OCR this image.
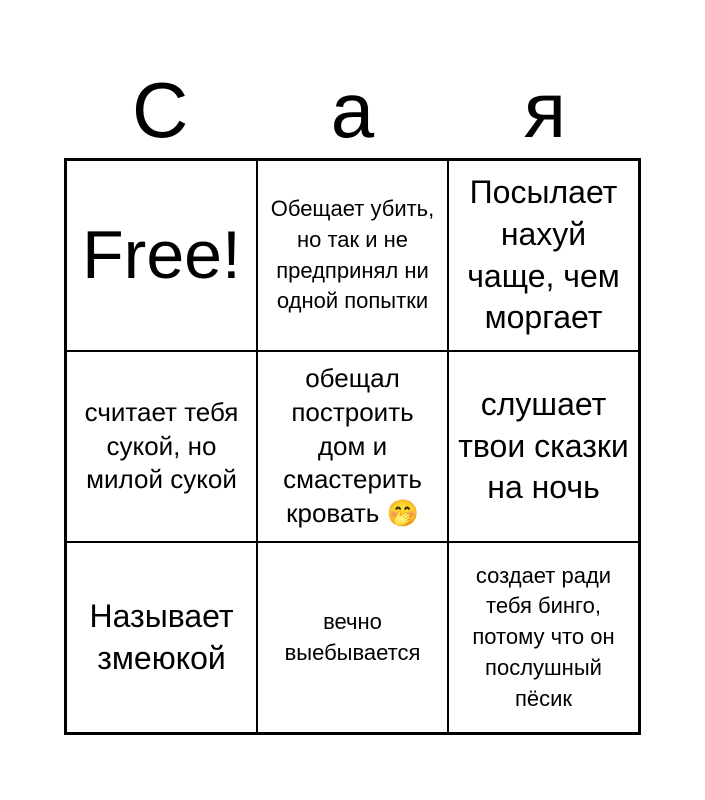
С	а	я
Free!
Обещает убить, но так и не предпринял ни одной попытки
Посылает нахуй чаще, чем моргает
считает тебя сукой, но милой сукой
обещал построить дом и смастерить кровать 🤭
слушает твои сказки на ночь
Называет змеюкой
вечно выебывается
создает ради тебя бинго, потому что он послушный пёсик
